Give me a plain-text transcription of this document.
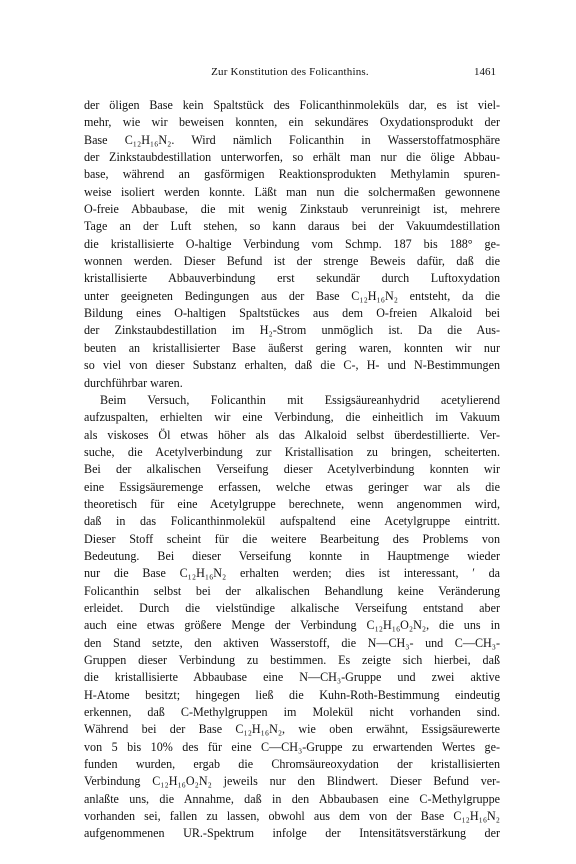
Zur Konstitution des Folicanthins.	1461
der öligen Base kein Spaltstück des Folicanthinmoleküls dar, es ist viel-
mehr, wie wir beweisen konnten, ein sekundäres Oxydationsprodukt der
Base C₁₂H₁₆N₂. Wird nämlich Folicanthin in Wasserstoffatmosphäre
der Zinkstaubdestillation unterworfen, so erhält man nur die ölige Abbau-
base, während an gasförmigen Reaktionsprodukten Methylamin spuren-
weise isoliert werden konnte. Läßt man nun die solchermaßen gewonnene
O-freie Abbaubase, die mit wenig Zinkstaub verunreinigt ist, mehrere
Tage an der Luft stehen, so kann daraus bei der Vakuumdestillation
die kristallisierte O-haltige Verbindung vom Schmp. 187 bis 188° ge-
wonnen werden. Dieser Befund ist der strenge Beweis dafür, daß die
kristallisierte Abbauverbindung erst sekundär durch Luftoxydation
unter geeigneten Bedingungen aus der Base C₁₂H₁₆N₂ entsteht, da die
Bildung eines O-haltigen Spaltstückes aus dem O-freien Alkaloid bei
der Zinkstaubdestillation im H₂-Strom unmöglich ist. Da die Aus-
beuten an kristallisierter Base äußerst gering waren, konnten wir nur
so viel von dieser Substanz erhalten, daß die C-, H- und N-Bestimmungen
durchführbar waren.
Beim Versuch, Folicanthin mit Essigsäureanhydrid acetylierend
aufzuspalten, erhielten wir eine Verbindung, die einheitlich im Vakuum
als viskoses Öl etwas höher als das Alkaloid selbst überdestillierte. Ver-
suche, die Acetylverbindung zur Kristallisation zu bringen, scheiterten.
Bei der alkalischen Verseifung dieser Acetylverbindung konnten wir
eine Essigsäuremenge erfassen, welche etwas geringer war als die
theoretisch für eine Acetylgruppe berechnete, wenn angenommen wird,
daß in das Folicanthinmolekül aufspaltend eine Acetylgruppe eintritt.
Dieser Stoff scheint für die weitere Bearbeitung des Problems von
Bedeutung. Bei dieser Verseifung konnte in Hauptmenge wieder
nur die Base C₁₂H₁₆N₂ erhalten werden; dies ist interessant, ′ da
Folicanthin selbst bei der alkalischen Behandlung keine Veränderung
erleidet. Durch die vielstündige alkalische Verseifung entstand aber
auch eine etwas größere Menge der Verbindung C₁₂H₁₆O₂N₂, die uns in
den Stand setzte, den aktiven Wasserstoff, die N—CH₃- und C—CH₃-
Gruppen dieser Verbindung zu bestimmen. Es zeigte sich hierbei, daß
die kristallisierte Abbaubase eine N—CH₃-Gruppe und zwei aktive
H-Atome besitzt; hingegen ließ die Kuhn-Roth-Bestimmung eindeutig
erkennen, daß C-Methylgruppen im Molekül nicht vorhanden sind.
Während bei der Base C₁₂H₁₆N₂, wie oben erwähnt, Essigsäurewerte
von 5 bis 10% des für eine C—CH₃-Gruppe zu erwartenden Wertes ge-
funden wurden, ergab die Chromsäureoxydation der kristallisierten
Verbindung C₁₂H₁₆O₂N₂ jeweils nur den Blindwert. Dieser Befund ver-
anlaßte uns, die Annahme, daß in den Abbaubasen eine C-Methylgruppe
vorhanden sei, fallen zu lassen, obwohl aus dem von der Base C₁₂H₁₆N₂
aufgenommenen UR.-Spektrum infolge der Intensitätsverstärkung der
